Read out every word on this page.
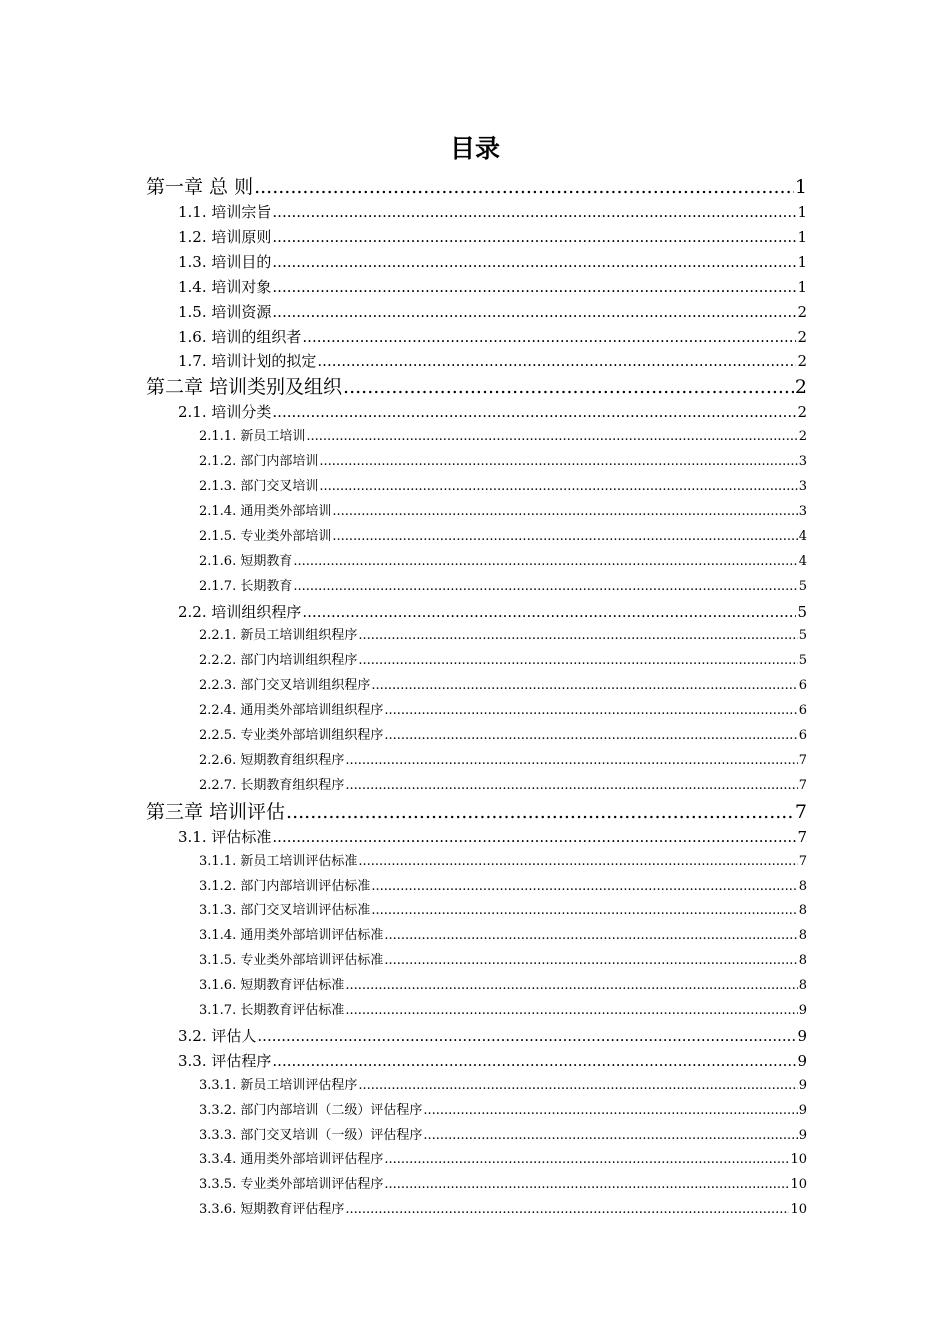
目录
第一章 总 则 .....	1
1.1. 培训宗旨 .....	1
1.2. 培训原则 .....	1
1.3. 培训目的 .....	1
1.4. 培训对象 .....	1
1.5. 培训资源 .....	2
1.6. 培训的组织者 .....	2
1.7. 培训计划的拟定 .....	2
第二章 培训类别及组织 .....	2
2.1. 培训分类 .....	2
2.1.1. 新员工培训 .....	2
2.1.2. 部门内部培训 .....	3
2.1.3. 部门交叉培训 .....	3
2.1.4. 通用类外部培训 .....	3
2.1.5. 专业类外部培训 .....	4
2.1.6. 短期教育 .....	4
2.1.7. 长期教育 .....	5
2.2. 培训组织程序 .....	5
2.2.1. 新员工培训组织程序 .....	5
2.2.2. 部门内培训组织程序 .....	5
2.2.3. 部门交叉培训组织程序 .....	6
2.2.4. 通用类外部培训组织程序 .....	6
2.2.5. 专业类外部培训组织程序 .....	6
2.2.6. 短期教育组织程序 .....	7
2.2.7. 长期教育组织程序 .....	7
第三章 培训评估 .....	7
3.1. 评估标准 .....	7
3.1.1. 新员工培训评估标准 .....	7
3.1.2. 部门内部培训评估标准 .....	8
3.1.3. 部门交叉培训评估标准 .....	8
3.1.4. 通用类外部培训评估标准 .....	8
3.1.5. 专业类外部培训评估标准 .....	8
3.1.6. 短期教育评估标准 .....	8
3.1.7. 长期教育评估标准 .....	9
3.2. 评估人 .....	9
3.3. 评估程序 .....	9
3.3.1. 新员工培训评估程序 .....	9
3.3.2. 部门内部培训（二级）评估程序 .....	9
3.3.3. 部门交叉培训（一级）评估程序 .....	9
3.3.4. 通用类外部培训评估程序 .....	10
3.3.5. 专业类外部培训评估程序 .....	10
3.3.6. 短期教育评估程序 .....	10
